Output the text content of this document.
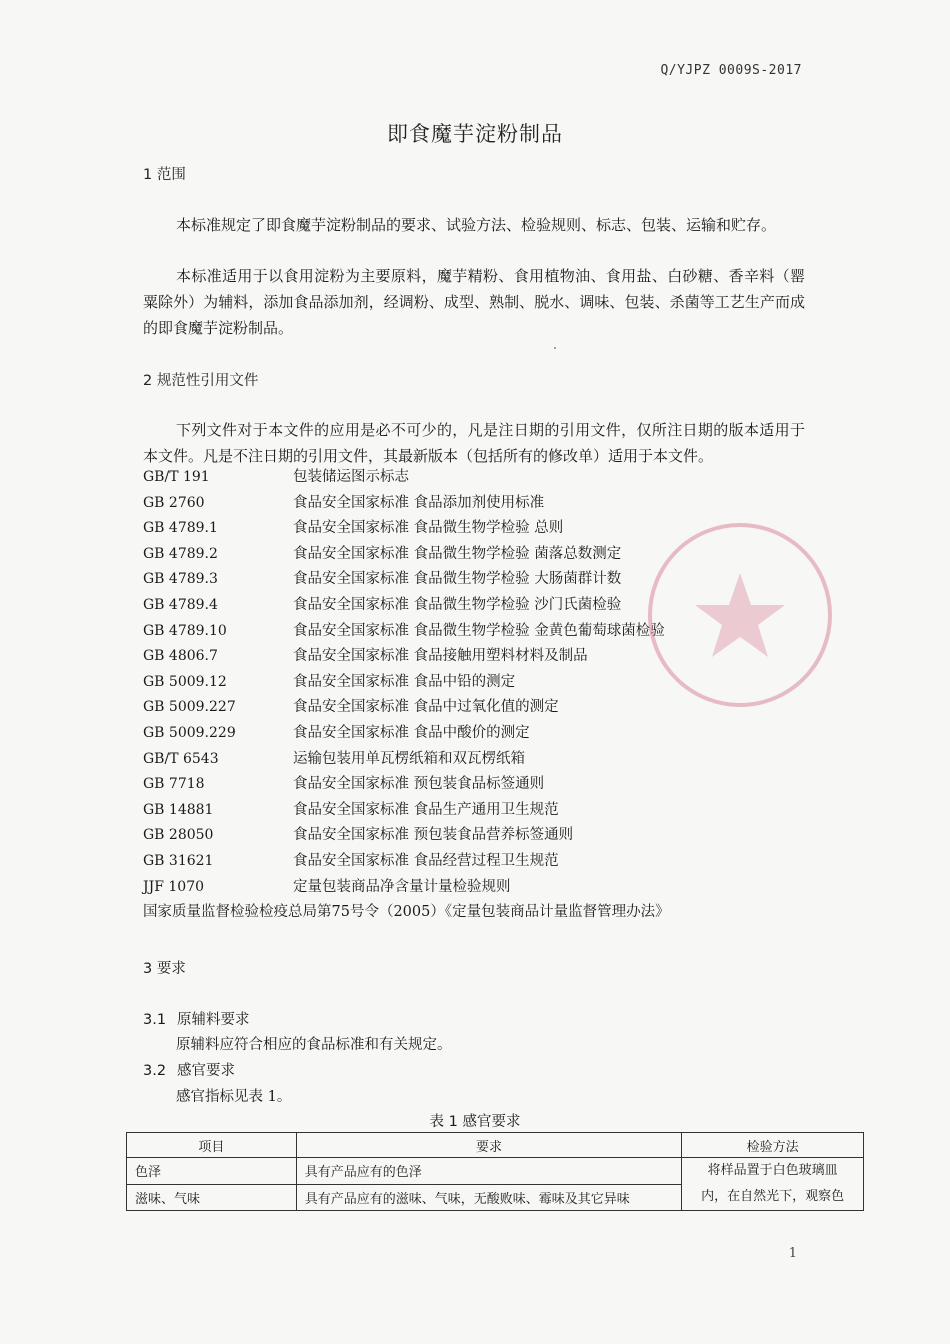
Q/YJPZ 0009S-2017
即食魔芋淀粉制品
1 范围
本标准规定了即食魔芋淀粉制品的要求、试验方法、检验规则、标志、包装、运输和贮存。
本标准适用于以食用淀粉为主要原料，魔芋精粉、食用植物油、食用盐、白砂糖、香辛料（罂粟除外）为辅料，添加食品添加剂，经调粉、成型、熟制、脱水、调味、包装、杀菌等工艺生产而成的即食魔芋淀粉制品。
2 规范性引用文件
下列文件对于本文件的应用是必不可少的，凡是注日期的引用文件，仅所注日期的版本适用于本文件。凡是不注日期的引用文件，其最新版本（包括所有的修改单）适用于本文件。
GB/T 191	包装储运图示标志
GB 2760	食品安全国家标准 食品添加剂使用标准
GB 4789.1	食品安全国家标准 食品微生物学检验 总则
GB 4789.2	食品安全国家标准 食品微生物学检验 菌落总数测定
GB 4789.3	食品安全国家标准 食品微生物学检验 大肠菌群计数
GB 4789.4	食品安全国家标准 食品微生物学检验 沙门氏菌检验
GB 4789.10	食品安全国家标准 食品微生物学检验 金黄色葡萄球菌检验
GB 4806.7	食品安全国家标准 食品接触用塑料材料及制品
GB 5009.12	食品安全国家标准 食品中铅的测定
GB 5009.227	食品安全国家标准 食品中过氧化值的测定
GB 5009.229	食品安全国家标准 食品中酸价的测定
GB/T 6543	运输包装用单瓦楞纸箱和双瓦楞纸箱
GB 7718	食品安全国家标准 预包装食品标签通则
GB 14881	食品安全国家标准 食品生产通用卫生规范
GB 28050	食品安全国家标准 预包装食品营养标签通则
GB 31621	食品安全国家标准 食品经营过程卫生规范
JJF 1070	定量包装商品净含量计量检验规则
国家质量监督检验检疫总局第75号令（2005）《定量包装商品计量监督管理办法》
3 要求
3.1 原辅料要求
原辅料应符合相应的食品标准和有关规定。
3.2 感官要求
感官指标见表 1。
表 1 感官要求
项目	要求	检验方法
色泽	具有产品应有的色泽	将样品置于白色玻璃皿
内，在自然光下，观察色

滋味、气味	具有产品应有的滋味、气味，无酸败味、霉味及其它异味	
1
